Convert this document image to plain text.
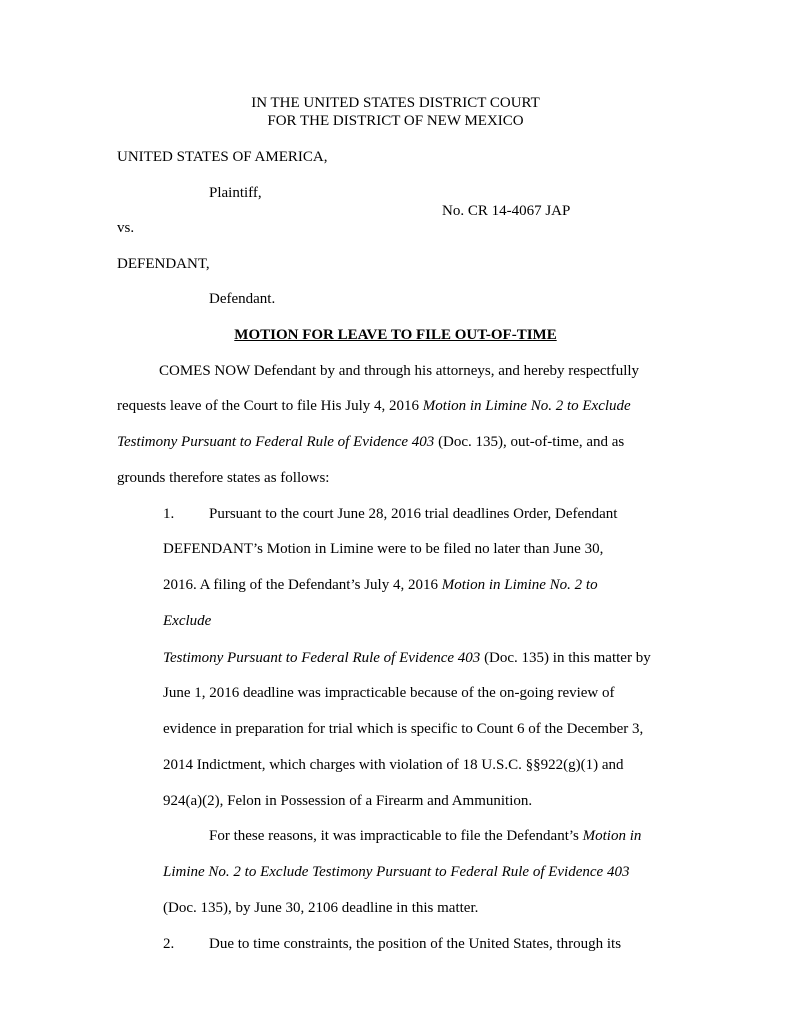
IN THE UNITED STATES DISTRICT COURT
FOR THE DISTRICT OF NEW MEXICO
UNITED STATES OF AMERICA,
Plaintiff,
No. CR 14-4067 JAP
vs.
DEFENDANT,
Defendant.
MOTION FOR LEAVE TO FILE OUT-OF-TIME
COMES NOW Defendant by and through his attorneys, and hereby respectfully
requests leave of the Court to file His July 4, 2016 Motion in Limine No. 2 to Exclude
Testimony Pursuant to Federal Rule of Evidence 403 (Doc. 135), out-of-time, and as
grounds therefore states as follows:
1. Pursuant to the court June 28, 2016 trial deadlines Order, Defendant
DEFENDANT’s Motion in Limine were to be filed no later than June 30,
2016. A filing of the Defendant’s July 4, 2016 Motion in Limine No. 2 to
Exclude
Testimony Pursuant to Federal Rule of Evidence 403 (Doc. 135) in this matter by
June 1, 2016 deadline was impracticable because of the on-going review of
evidence in preparation for trial which is specific to Count 6 of the December 3,
2014 Indictment, which charges with violation of 18 U.S.C. §§922(g)(1) and
924(a)(2), Felon in Possession of a Firearm and Ammunition.
For these reasons, it was impracticable to file the Defendant’s Motion in
Limine No. 2 to Exclude Testimony Pursuant to Federal Rule of Evidence 403
(Doc. 135), by June 30, 2106 deadline in this matter.
2. Due to time constraints, the position of the United States, through its
